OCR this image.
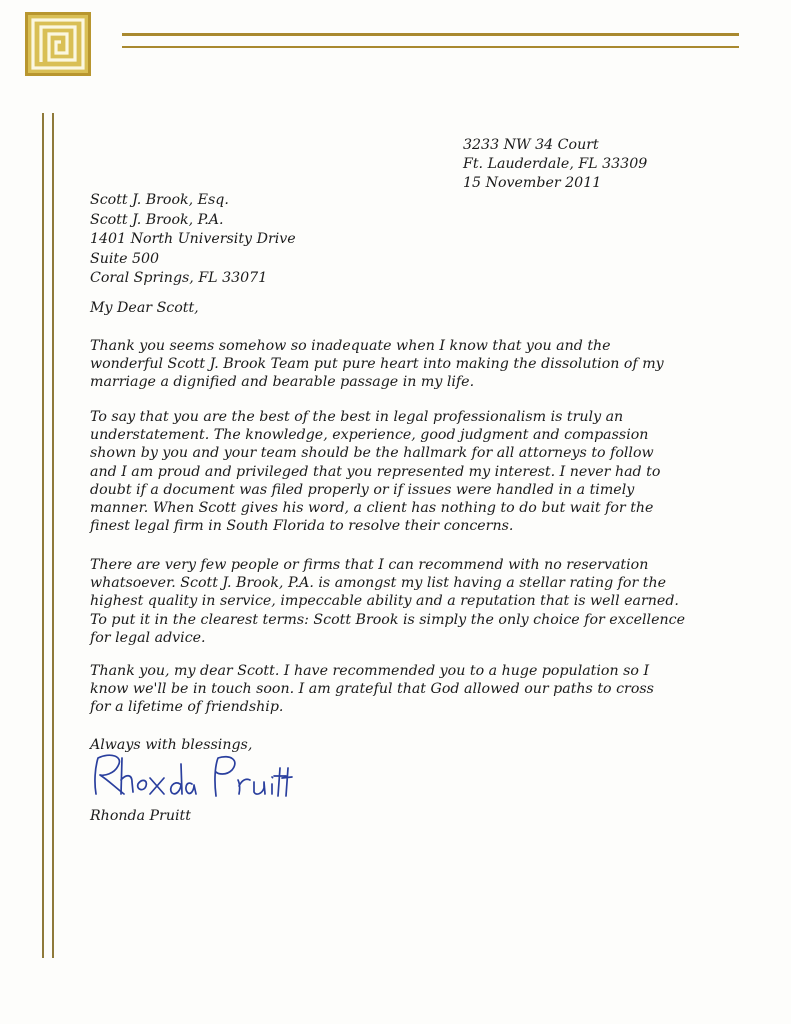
3233 NW 34 Court
Ft. Lauderdale, FL 33309
15 November 2011
Scott J. Brook, Esq.
Scott J. Brook, P.A.
1401 North University Drive
Suite 500
Coral Springs, FL 33071
My Dear Scott,
Thank you seems somehow so inadequate when I know that you and the
wonderful Scott J. Brook Team put pure heart into making the dissolution of my
marriage a dignified and bearable passage in my life.
To say that you are the best of the best in legal professionalism is truly an
understatement. The knowledge, experience, good judgment and compassion
shown by you and your team should be the hallmark for all attorneys to follow
and I am proud and privileged that you represented my interest. I never had to
doubt if a document was filed properly or if issues were handled in a timely
manner. When Scott gives his word, a client has nothing to do but wait for the
finest legal firm in South Florida to resolve their concerns.
There are very few people or firms that I can recommend with no reservation
whatsoever. Scott J. Brook, P.A. is amongst my list having a stellar rating for the
highest quality in service, impeccable ability and a reputation that is well earned.
To put it in the clearest terms: Scott Brook is simply the only choice for excellence
for legal advice.
Thank you, my dear Scott. I have recommended you to a huge population so I
know we'll be in touch soon. I am grateful that God allowed our paths to cross
for a lifetime of friendship.
Always with blessings,
Rhonda Pruitt
